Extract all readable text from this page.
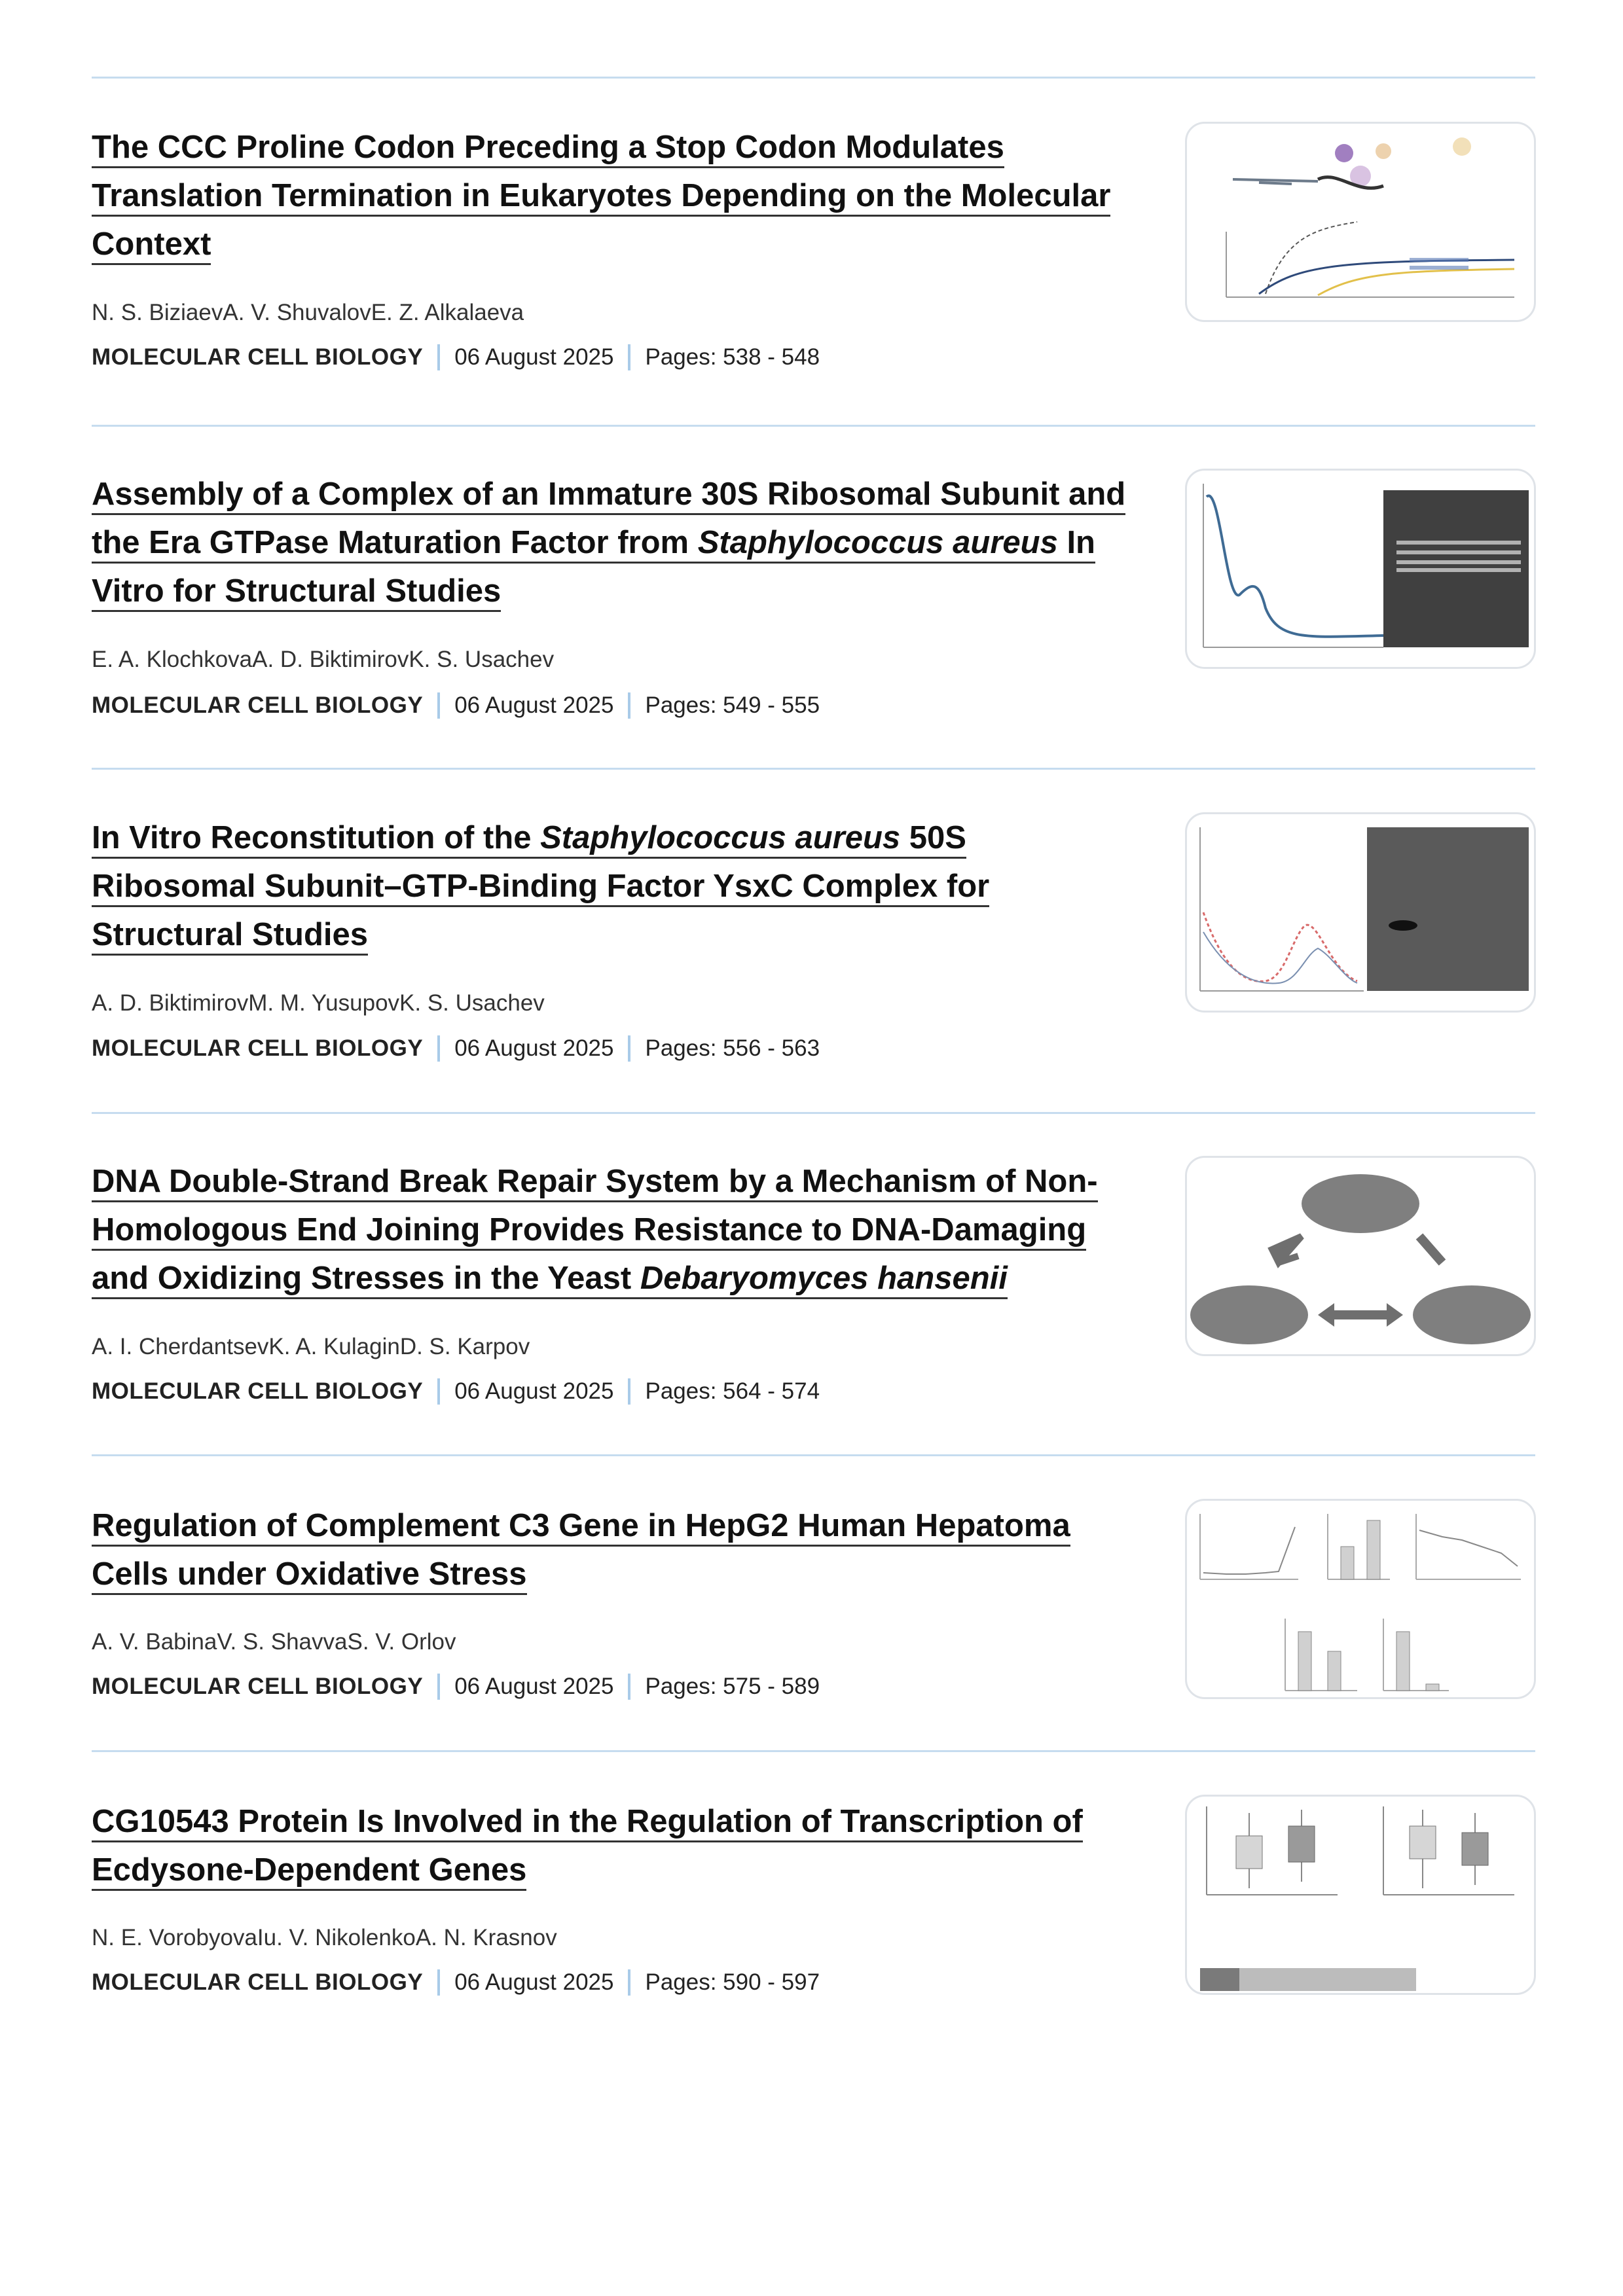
The CCC Proline Codon Preceding a Stop Codon Modulates
Translation Termination in Eukaryotes Depending on the Molecular
Context
N. S. BiziaevA. V. ShuvalovE. Z. Alkalaeva
MOLECULAR CELL BIOLOGY 06 August 2025 Pages: 538 - 548
Assembly of a Complex of an Immature 30S Ribosomal Subunit and
the Era GTPase Maturation Factor from Staphylococcus aureus In
Vitro for Structural Studies
E. A. KlochkovaA. D. BiktimirovK. S. Usachev
MOLECULAR CELL BIOLOGY 06 August 2025 Pages: 549 - 555
In Vitro Reconstitution of the Staphylococcus aureus 50S
Ribosomal Subunit–GTP-Binding Factor YsxC Complex for
Structural Studies
A. D. BiktimirovM. M. YusupovK. S. Usachev
MOLECULAR CELL BIOLOGY 06 August 2025 Pages: 556 - 563
DNA Double-Strand Break Repair System by a Mechanism of Non-
Homologous End Joining Provides Resistance to DNA-Damaging
and Oxidizing Stresses in the Yeast Debaryomyces hansenii
A. I. CherdantsevK. A. KulaginD. S. Karpov
MOLECULAR CELL BIOLOGY 06 August 2025 Pages: 564 - 574
Regulation of Complement C3 Gene in HepG2 Human Hepatoma
Cells under Oxidative Stress
A. V. BabinaV. S. ShavvaS. V. Orlov
MOLECULAR CELL BIOLOGY 06 August 2025 Pages: 575 - 589
CG10543 Protein Is Involved in the Regulation of Transcription of
Ecdysone-Dependent Genes
N. E. VorobyovaIu. V. NikolenkoA. N. Krasnov
MOLECULAR CELL BIOLOGY 06 August 2025 Pages: 590 - 597
